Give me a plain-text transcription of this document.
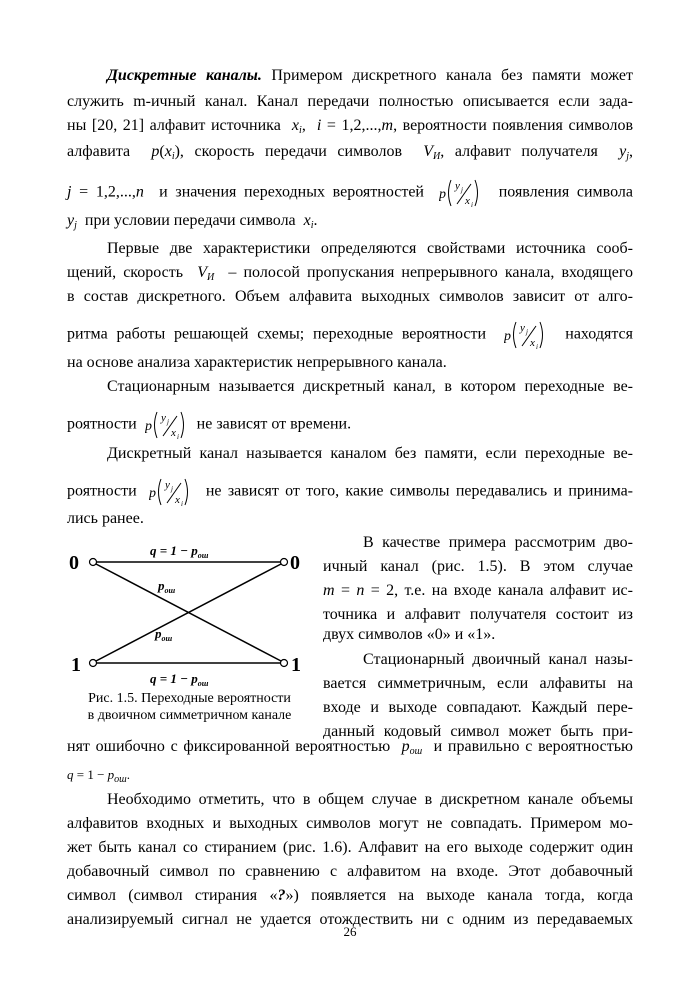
Дискретные каналы. Примером дискретного канала без памяти может
служить m-ичный канал. Канал передачи полностью описывается если зада-
ны [20, 21] алфавит источника $x_i$,  i = 1,2,...,m, вероятности появления символов
алфавита $p(x_i)$, скорость передачи символов $V_И$, алфавит получателя $y_j$,
j = 1,2,...,n и значения переходных вероятностей p
y j
x i
появления символа
$y_j$ при условии передачи символа $x_i$.
Первые две характеристики определяются свойствами источника сооб-
щений, скорость $V_И$ – полосой пропускания непрерывного канала, входящего
в состав дискретного. Объем алфавита выходных символов зависит от алго-
ритма работы решающей схемы; переходные вероятности p
y j
x i
находятся
на основе анализа характеристик непрерывного канала.
Стационарным называется дискретный канал, в котором переходные ве-
роятности p
y j
x i
не зависят от времени.
Дискретный канал называется каналом без памяти, если переходные ве-
роятности p
y j
x i
не зависят от того, какие символы передавались и принима-
лись ранее.
0
1
0
1
$q = 1 - p_{ош}$
$q = 1 - p_{ош}$
$p_{ош}$
$p_{ош}$
Рис. 1.5. Переходные вероятности
в двоичном симметричном канале
В качестве примера рассмотрим дво-
ичный канал (рис. 1.5). В этом случае
m = n = 2, т.е. на входе канала алфавит ис-
точника и алфавит получателя состоит из
двух символов «0» и «1».
Стационарный двоичный канал назы-
вается симметричным, если алфавиты на
входе и выходе совпадают. Каждый пере-
данный кодовый символ может быть при-
нят ошибочно с фиксированной вероятностью $p_{ош}$ и правильно с вероятностью
$q = 1 - p_{ош}$.
Необходимо отметить, что в общем случае в дискретном канале объемы
алфавитов входных и выходных символов могут не совпадать. Примером мо-
жет быть канал со стиранием (рис. 1.6). Алфавит на его выходе содержит один
добавочный символ по сравнению с алфавитом на входе. Этот добавочный
символ (символ стирания «?») появляется на выходе канала тогда, когда
анализируемый сигнал не удается отождествить ни с одним из передаваемых
26
